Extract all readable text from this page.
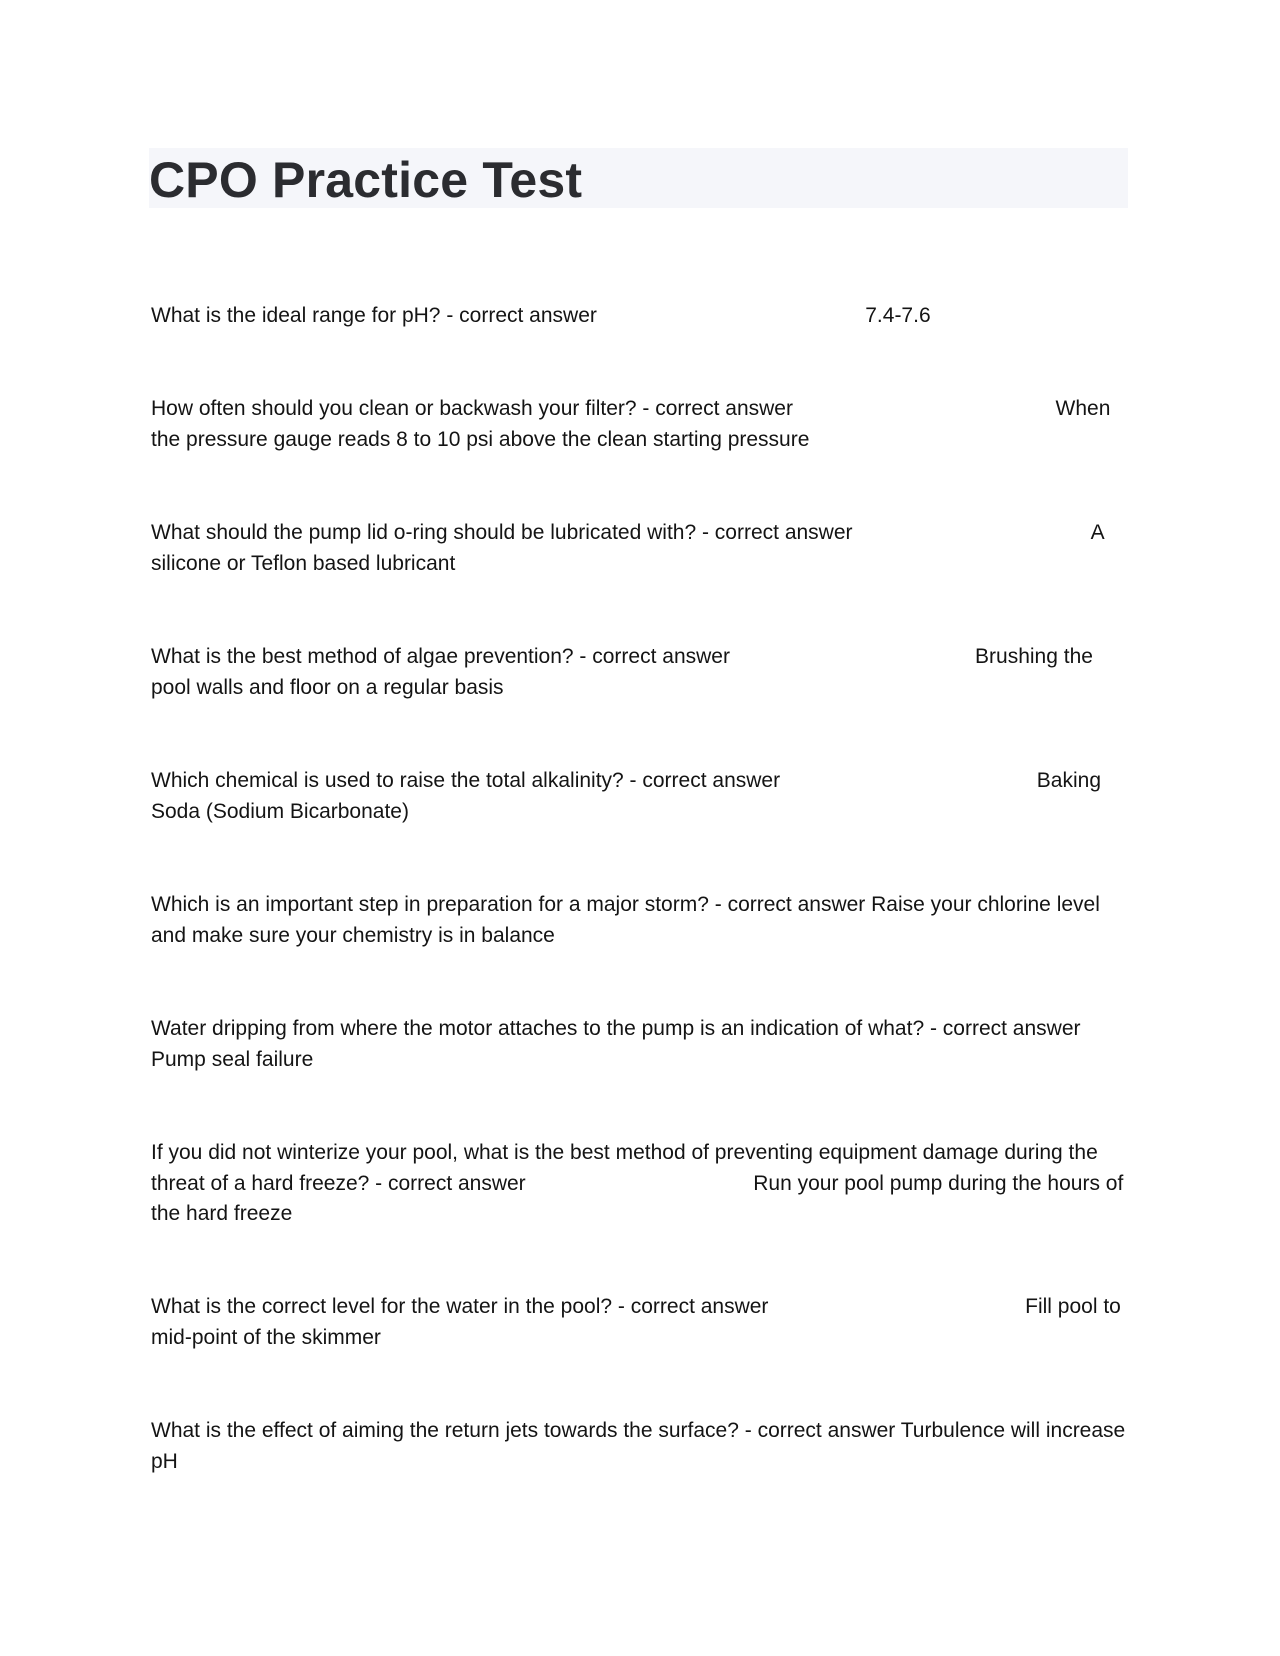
CPO Practice Test

What is the ideal range for pH? - correct answer                                              7.4-7.6

How often should you clean or backwash your filter? - correct answer                                             When the pressure gauge reads 8 to 10 psi above the clean starting pressure

What should the pump lid o-ring should be lubricated with? - correct answer                                         A silicone or Teflon based lubricant

What is the best method of algae prevention? - correct answer                                          Brushing the pool walls and floor on a regular basis

Which chemical is used to raise the total alkalinity? - correct answer                                            Baking Soda (Sodium Bicarbonate)

Which is an important step in preparation for a major storm? - correct answer Raise your chlorine level and make sure your chemistry is in balance

Water dripping from where the motor attaches to the pump is an indication of what? - correct answer Pump seal failure

If you did not winterize your pool, what is the best method of preventing equipment damage during the threat of a hard freeze? - correct answer                                       Run your pool pump during the hours of the hard freeze

What is the correct level for the water in the pool? - correct answer                                            Fill pool to mid-point of the skimmer

What is the effect of aiming the return jets towards the surface? - correct answer Turbulence will increase pH
